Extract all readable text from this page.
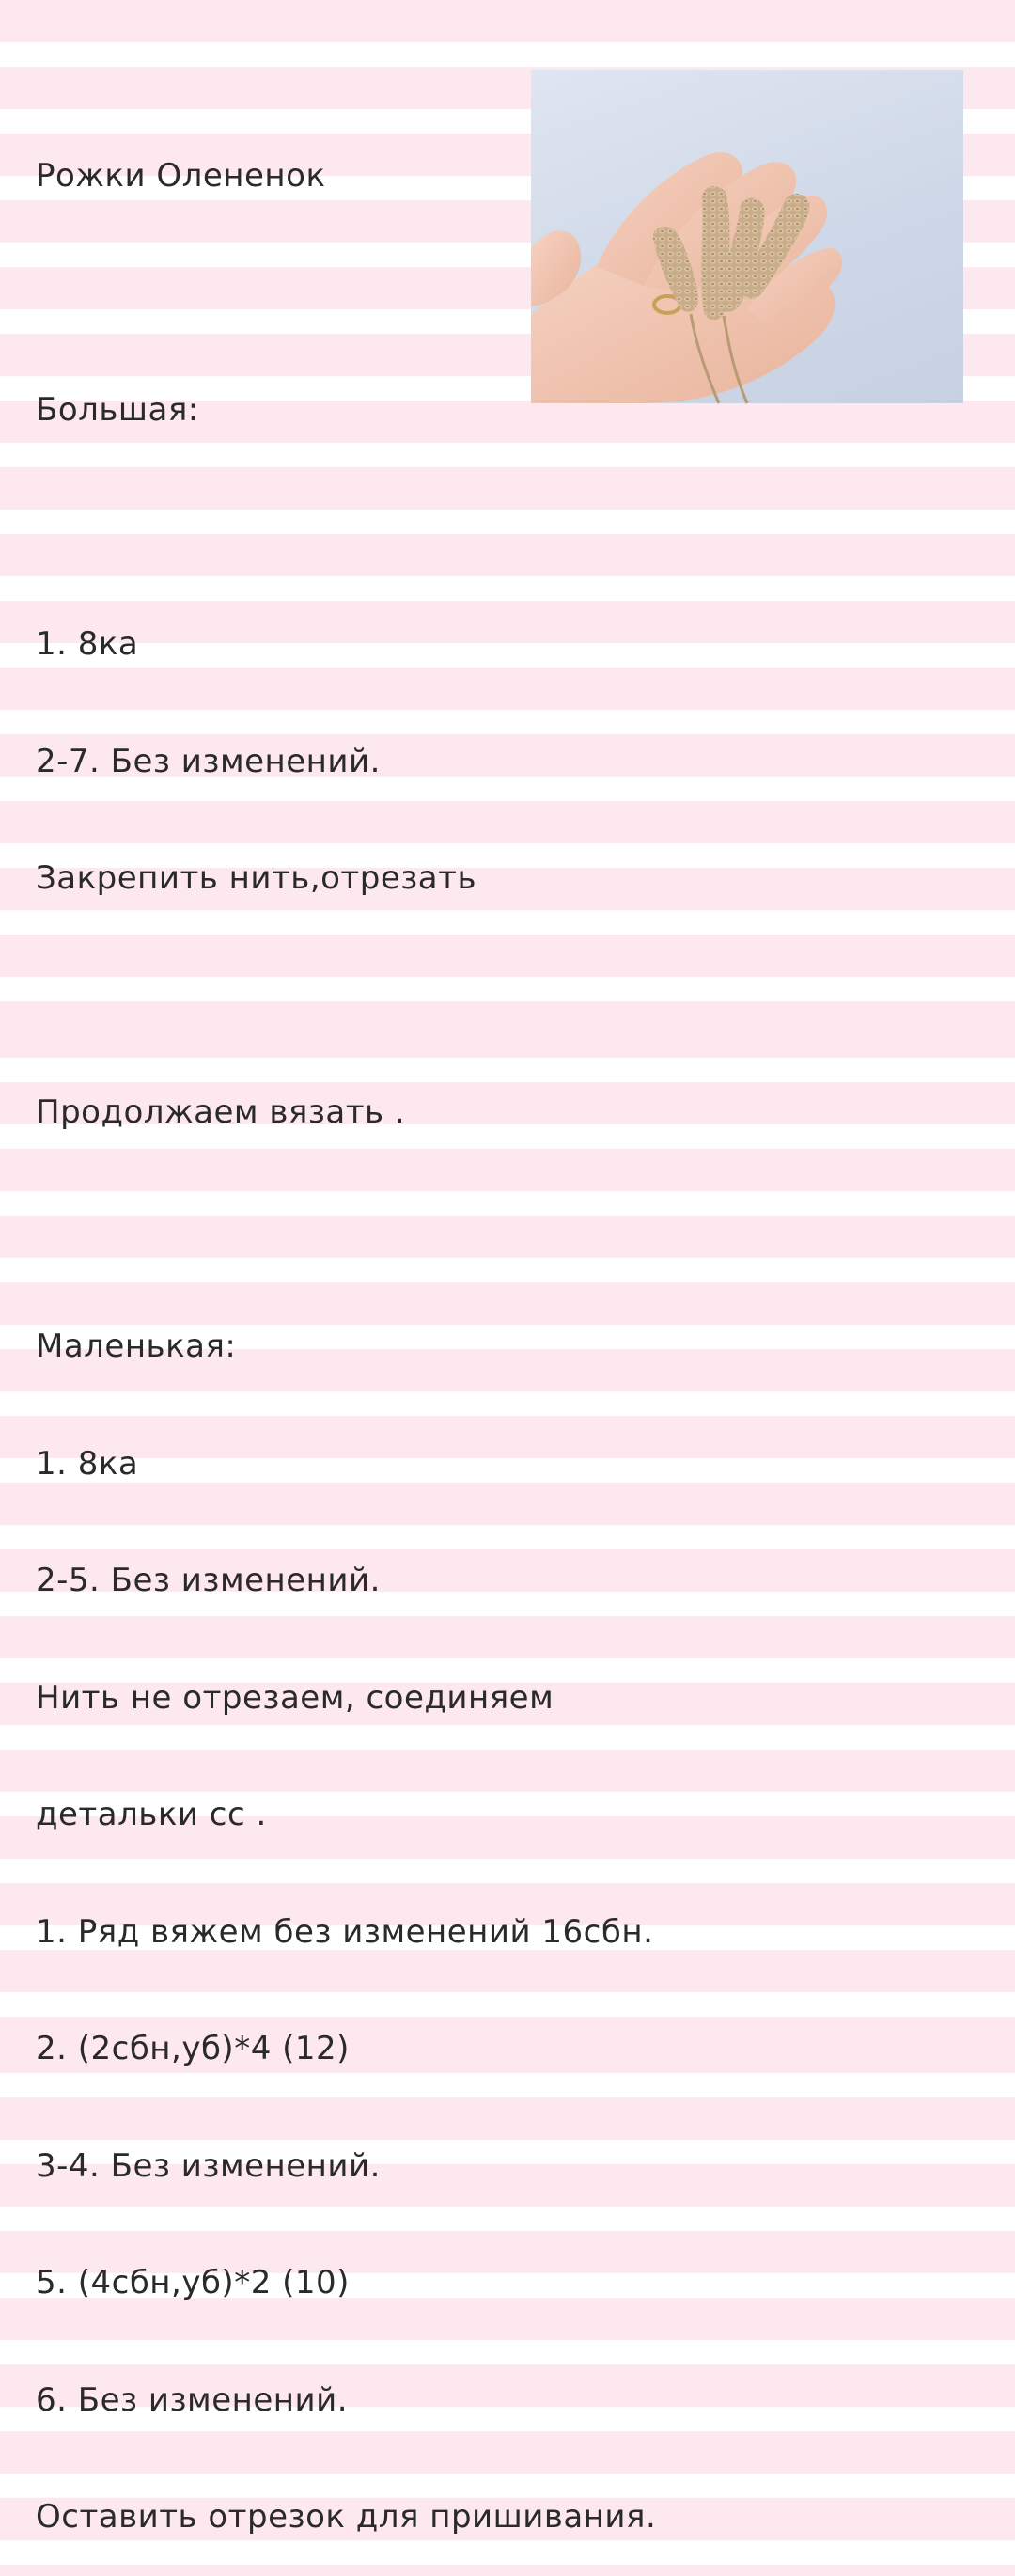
Рожки Олененок

Большая:

1. 8ка

2-7. Без изменений.

Закрепить нить,отрезать

Продолжаем вязать .

Маленькая:

1. 8ка

2-5. Без изменений.

Нить не отрезаем, соединяем

детальки сс .

1. Ряд вяжем без изменений 16сбн.

2. (2сбн,уб)*4 (12)

3-4. Без изменений.

5. (4сбн,уб)*2 (10)

6. Без изменений.

Оставить отрезок для пришивания.
